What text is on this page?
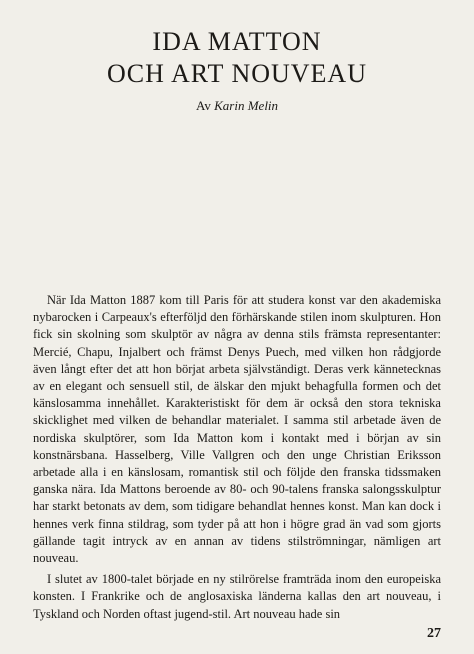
IDA MATTON
OCH ART NOUVEAU
Av Karin Melin

När Ida Matton 1887 kom till Paris för att studera konst var den akademiska nybarocken i Carpeaux's efterföljd den förhärskande stilen inom skulpturen. Hon fick sin skolning som skulptör av några av denna stils främsta representanter: Mercié, Chapu, Injalbert och främst Denys Puech, med vilken hon rådgjorde även långt efter det att hon börjat arbeta självständigt. Deras verk kännetecknas av en elegant och sensuell stil, de älskar den mjukt behagfulla formen och det känslosamma innehållet. Karakteristiskt för dem är också den stora tekniska skicklighet med vilken de behandlar materialet. I samma stil arbetade även de nordiska skulptörer, som Ida Matton kom i kontakt med i början av sin konstnärsbana. Hasselberg, Ville Vallgren och den unge Christian Eriksson arbetade alla i en känslosam, romantisk stil och följde den franska tidssmaken ganska nära. Ida Mattons beroende av 80- och 90-talens franska salongsskulptur har starkt betonats av dem, som tidigare behandlat hennes konst. Man kan dock i hennes verk finna stildrag, som tyder på att hon i högre grad än vad som gjorts gällande tagit intryck av en annan av tidens stilströmningar, nämligen art nouveau.

I slutet av 1800-talet började en ny stilrörelse framträda inom den europeiska konsten. I Frankrike och de anglosaxiska länderna kallas den art nouveau, i Tyskland och Norden oftast jugend-stil. Art nouveau hade sin

27
